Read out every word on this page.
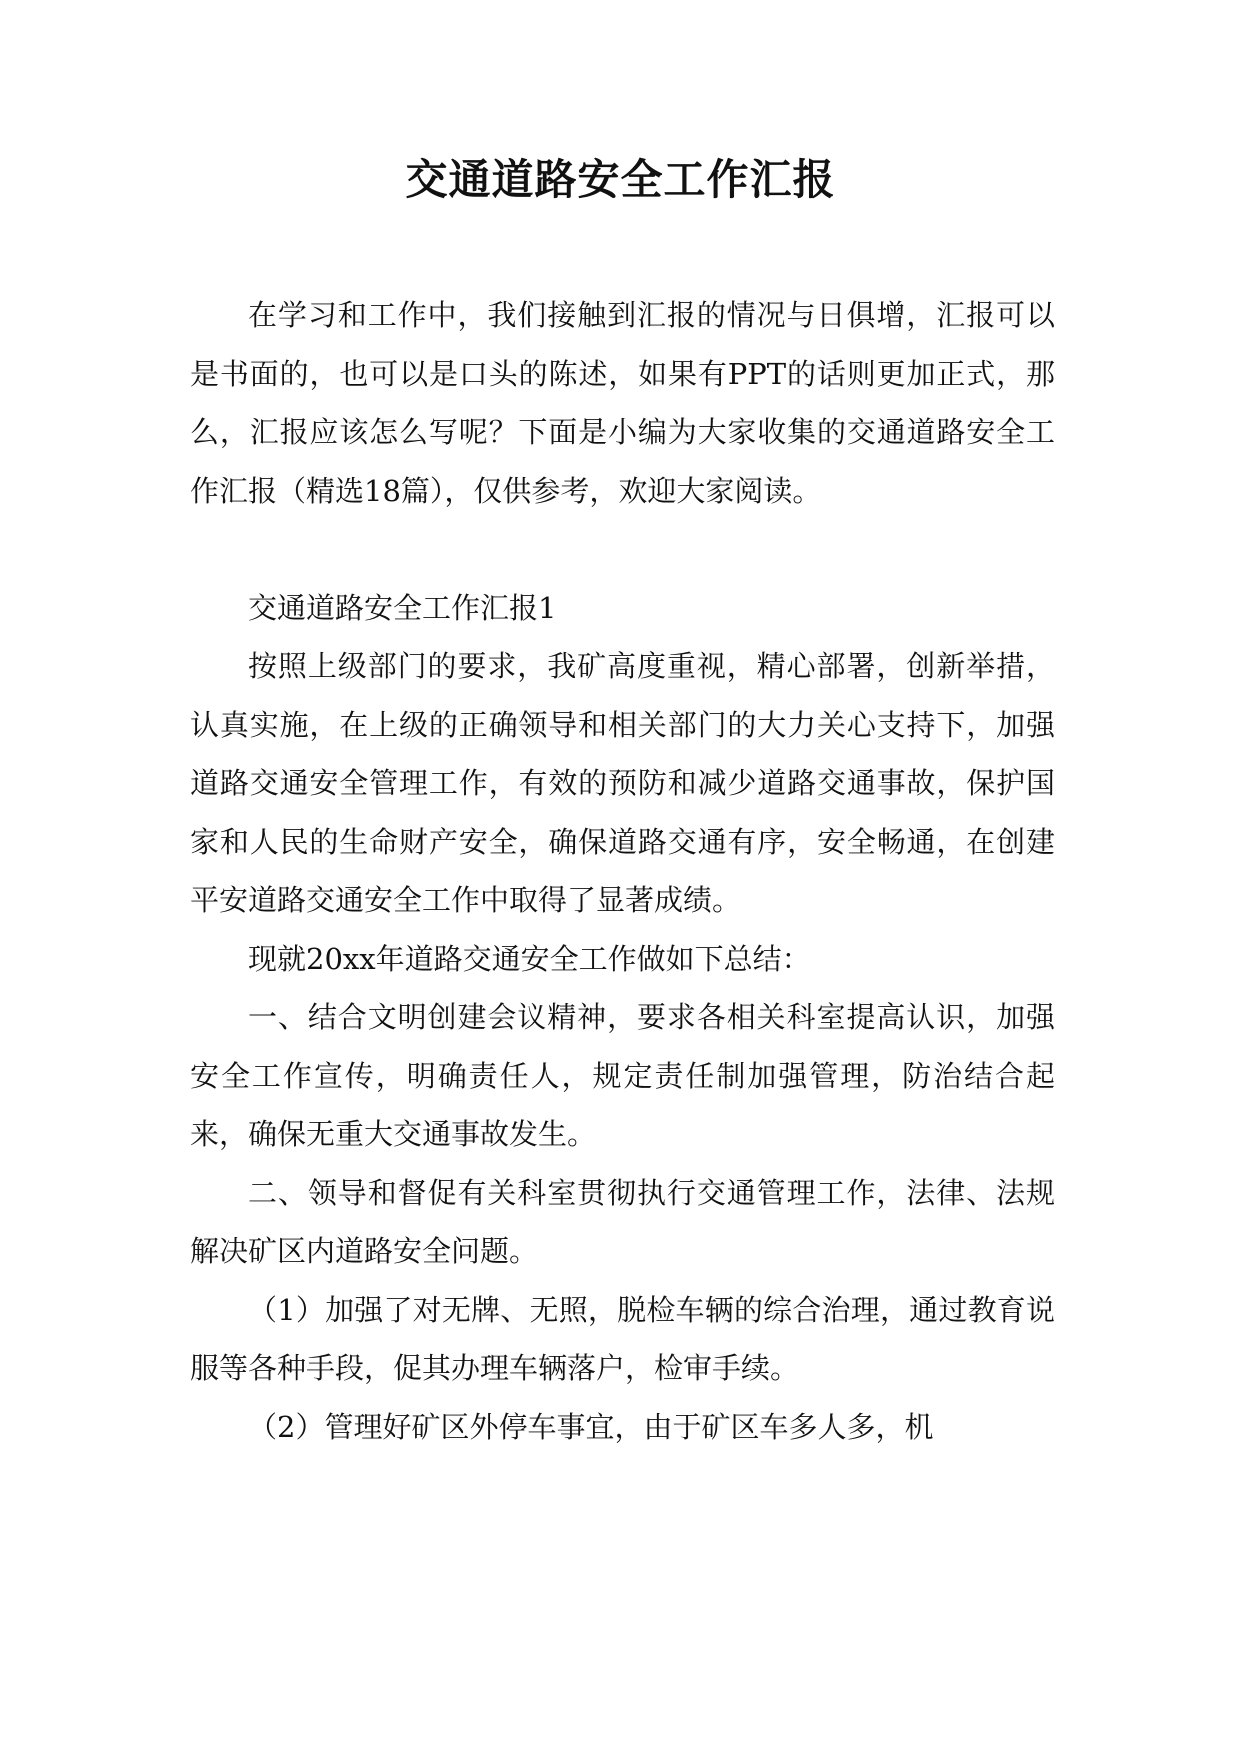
交通道路安全工作汇报

在学习和工作中，我们接触到汇报的情况与日俱增，汇报可以是书面的，也可以是口头的陈述，如果有PPT的话则更加正式，那么，汇报应该怎么写呢？下面是小编为大家收集的交通道路安全工作汇报（精选18篇），仅供参考，欢迎大家阅读。

交通道路安全工作汇报1

按照上级部门的要求，我矿高度重视，精心部署，创新举措，认真实施，在上级的正确领导和相关部门的大力关心支持下，加强道路交通安全管理工作，有效的预防和减少道路交通事故，保护国家和人民的生命财产安全，确保道路交通有序，安全畅通，在创建平安道路交通安全工作中取得了显著成绩。

现就20xx年道路交通安全工作做如下总结：

一、结合文明创建会议精神，要求各相关科室提高认识，加强安全工作宣传，明确责任人，规定责任制加强管理，防治结合起来，确保无重大交通事故发生。

二、领导和督促有关科室贯彻执行交通管理工作，法律、法规解决矿区内道路安全问题。

（1）加强了对无牌、无照，脱检车辆的综合治理，通过教育说服等各种手段，促其办理车辆落户，检审手续。

（2）管理好矿区外停车事宜，由于矿区车多人多，机
